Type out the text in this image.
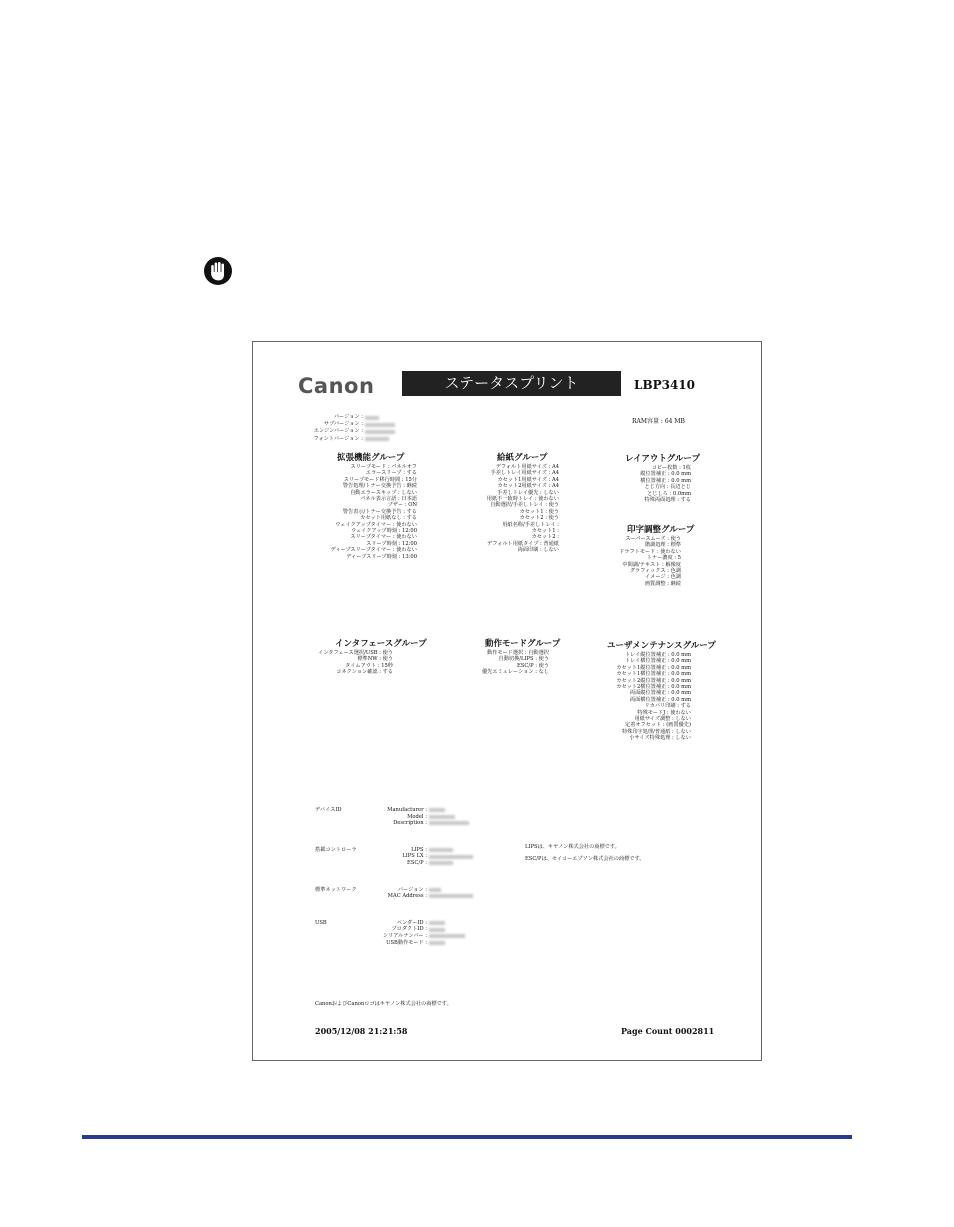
Canon	ステータスプリント	LBP3410
RAM容量 : 64 MB
バージョン :
サブバージョン :
エンジンバージョン :
フォントバージョン :
拡張機能グループ
スリープモード : パネルオフ
エラースリープ : する
スリープモード移行時間 : 15分
警告処理/トナー交換予告 : 継続
自動エラースキップ : しない
パネル表示言語 : 日本語
ブザー : ON
警告表示/トナー交換予告 : する
カセット用紙なし : する
ウェイクアップタイマー : 使わない
ウェイクアップ時刻 : 12:00
スリープタイマー : 使わない
スリープ時刻 : 12:00
ディープスリープタイマー : 使わない
ディープスリープ時刻 : 13:00
給紙グループ
デフォルト用紙サイズ : A4
手差しトレイ用紙サイズ : A4
カセット1用紙サイズ : A4
カセット2用紙サイズ : A4
手差しトレイ優先 : しない
用紙不一致時トレイ : 使わない
自動選択/手差しトレイ : 使う
カセット1 : 使う
カセット2 : 使う
用紙名称/手差しトレイ :
カセット1 :
カセット2 :
デフォルト用紙タイプ : 普通紙
両面印刷 : しない
レイアウトグループ
コピー枚数 : 1枚
縦位置補正 : 0.0 mm
横位置補正 : 0.0 mm
とじ方向 : 長辺とじ
とじしろ : 0.0mm
特殊両面処理 : する
印字調整グループ
スーパースムーズ : 使う
階調処理 : 標準
ドラフトモード : 使わない
トナー濃度 : 5
中間調/テキスト : 解像度
グラフィックス : 色調
イメージ : 色調
画質調整 : 継続
インタフェースグループ
インタフェース選択/USB : 使う
標準NW : 使う
タイムアウト : 15秒
コネクション確認 : する
動作モードグループ
動作モード選択 : 自動選択
自動切換/LIPS : 使う
ESC/P : 使う
優先エミュレーション : なし
ユーザメンテナンスグループ
トレイ縦位置補正 : 0.0 mm
トレイ横位置補正 : 0.0 mm
カセット1縦位置補正 : 0.0 mm
カセット1横位置補正 : 0.0 mm
カセット2縦位置補正 : 0.0 mm
カセット2横位置補正 : 0.0 mm
両面縦位置補正 : 0.0 mm
両面横位置補正 : 0.0 mm
リカバリ印刷 : する
特殊モードJ : 使わない
用紙サイズ調整 : しない
定着オフセット : (画質優先)
特殊印字処理/普通紙 : しない
小サイズ特殊処理 : しない
デバイスID	Manufacturer :
Model :
Description :
搭載コントローラ	LIPS :
LIPS LX :
ESC/P :
標準ネットワーク	バージョン :
MAC Address :
USB	ベンダーID :
プロダクトID :
シリアルナンバー :
USB動作モード :
LIPSは、キヤノン株式会社の商標です。
ESC/Pは、セイコーエプソン株式会社の商標です。
CanonおよびCanonロゴはキヤノン株式会社の商標です。
2005/12/08 21:21:58	Page Count 0002811
